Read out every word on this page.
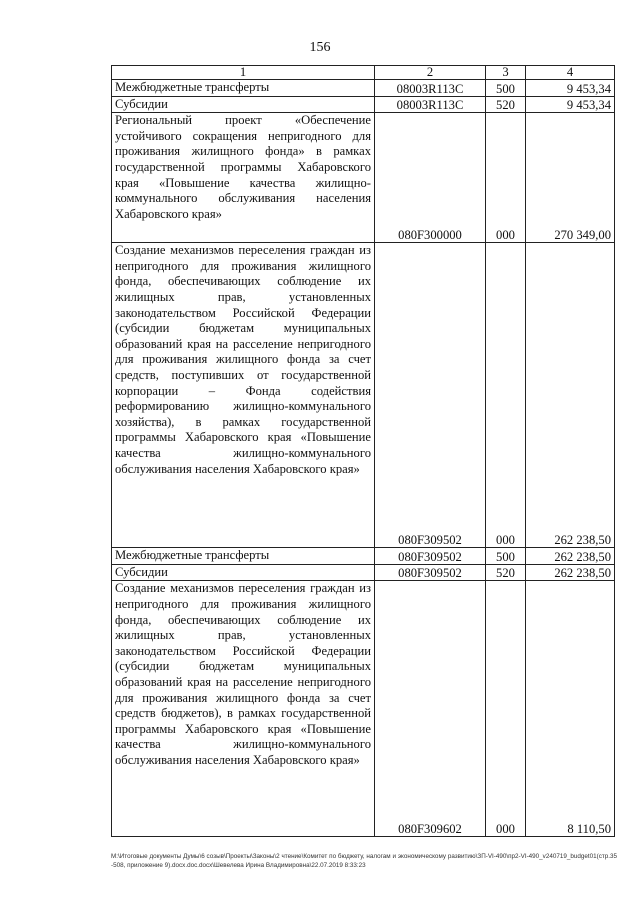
156
1	2	3	4
Межбюджетные трансферты	08003R113C	500	9 453,34
Субсидии	08003R113C	520	9 453,34
Региональный проект «Обеспечение устойчивого сокращения непригодного для проживания жилищного фонда» в рамках государственной программы Хабаровского края «Повышение качества жилищно-коммунального обслуживания населения Хабаровского края»	080F300000	000	270 349,00
Создание механизмов переселения граждан из непригодного для проживания жилищного фонда, обеспечивающих соблюдение их жилищных прав, установленных законодательством Российской Федерации (субсидии бюджетам муниципальных образований края на расселение непригодного для проживания жилищного фонда за счет средств, поступивших от государственной корпорации – Фонда содействия реформированию жилищно-коммунального хозяйства), в рамках государственной программы Хабаровского края «Повышение качества жилищно-коммунального обслуживания населения Хабаровского края»	080F309502	000	262 238,50
Межбюджетные трансферты	080F309502	500	262 238,50
Субсидии	080F309502	520	262 238,50
Создание механизмов переселения граждан из непригодного для проживания жилищного фонда, обеспечивающих соблюдение их жилищных прав, установленных законодательством Российской Федерации (субсидии бюджетам муниципальных образований края на расселение непригодного для проживания жилищного фонда за счет средств бюджетов), в рамках государственной программы Хабаровского края «Повышение качества жилищно-коммунального обслуживания населения Хабаровского края»	080F309602	000	8 110,50
M:\Итоговые документы Думы\6 созыв\Проекты\Законы\2 чтение\Комитет по бюджету, налогам и экономическому развитию\ЗП-VI-490\пр2-VI-490_v240719_budget01(стр.35-508, приложение 9).docx.doc.docx\Шевелева Ирина Владимировна\22.07.2019 8:33:23
